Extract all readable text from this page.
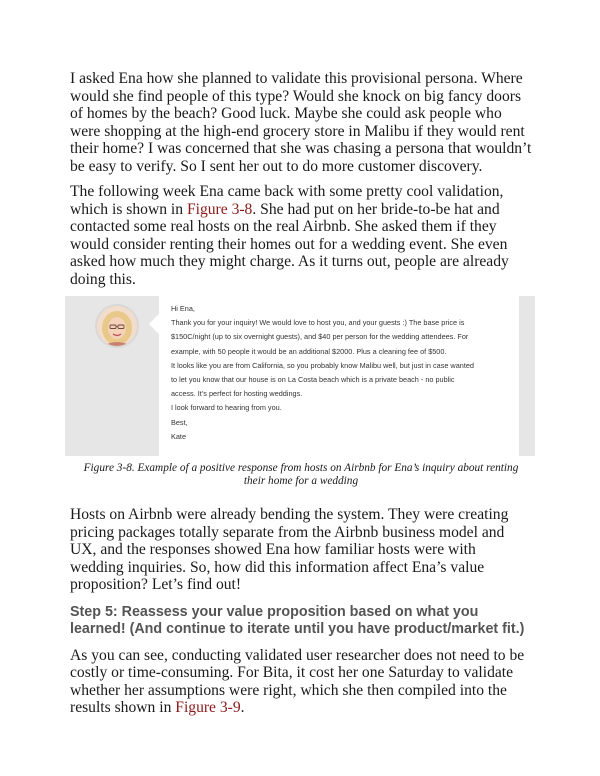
I asked Ena how she planned to validate this provisional persona. Where would she find people of this type? Would she knock on big fancy doors of homes by the beach? Good luck. Maybe she could ask people who were shopping at the high-end grocery store in Malibu if they would rent their home? I was concerned that she was chasing a persona that wouldn’t be easy to verify. So I sent her out to do more customer discovery.

The following week Ena came back with some pretty cool validation, which is shown in Figure 3-8. She had put on her bride-to-be hat and contacted some real hosts on the real Airbnb. She asked them if they would consider renting their homes out for a wedding event. She even asked how much they might charge. As it turns out, people are already doing this.

Hi Ena,
Thank you for your inquiry! We would love to host you, and your guests :) The base price is
$150C/night (up to six overnight guests), and $40 per person for the wedding attendees. For
example, with 50 people it would be an additional $2000. Plus a cleaning fee of $500.
It looks like you are from California, so you probably know Malibu well, but just in case wanted
to let you know that our house is on La Costa beach which is a private beach - no public
access. It’s perfect for hosting weddings.
I look forward to hearing from you.
Best,
Kate

Figure 3-8. Example of a positive response from hosts on Airbnb for Ena’s inquiry about renting their home for a wedding

Hosts on Airbnb were already bending the system. They were creating pricing packages totally separate from the Airbnb business model and UX, and the responses showed Ena how familiar hosts were with wedding inquiries. So, how did this information affect Ena’s value proposition? Let’s find out!

Step 5: Reassess your value proposition based on what you learned! (And continue to iterate until you have product/market fit.)

As you can see, conducting validated user researcher does not need to be costly or time-consuming. For Bita, it cost her one Saturday to validate whether her assumptions were right, which she then compiled into the results shown in Figure 3-9.
